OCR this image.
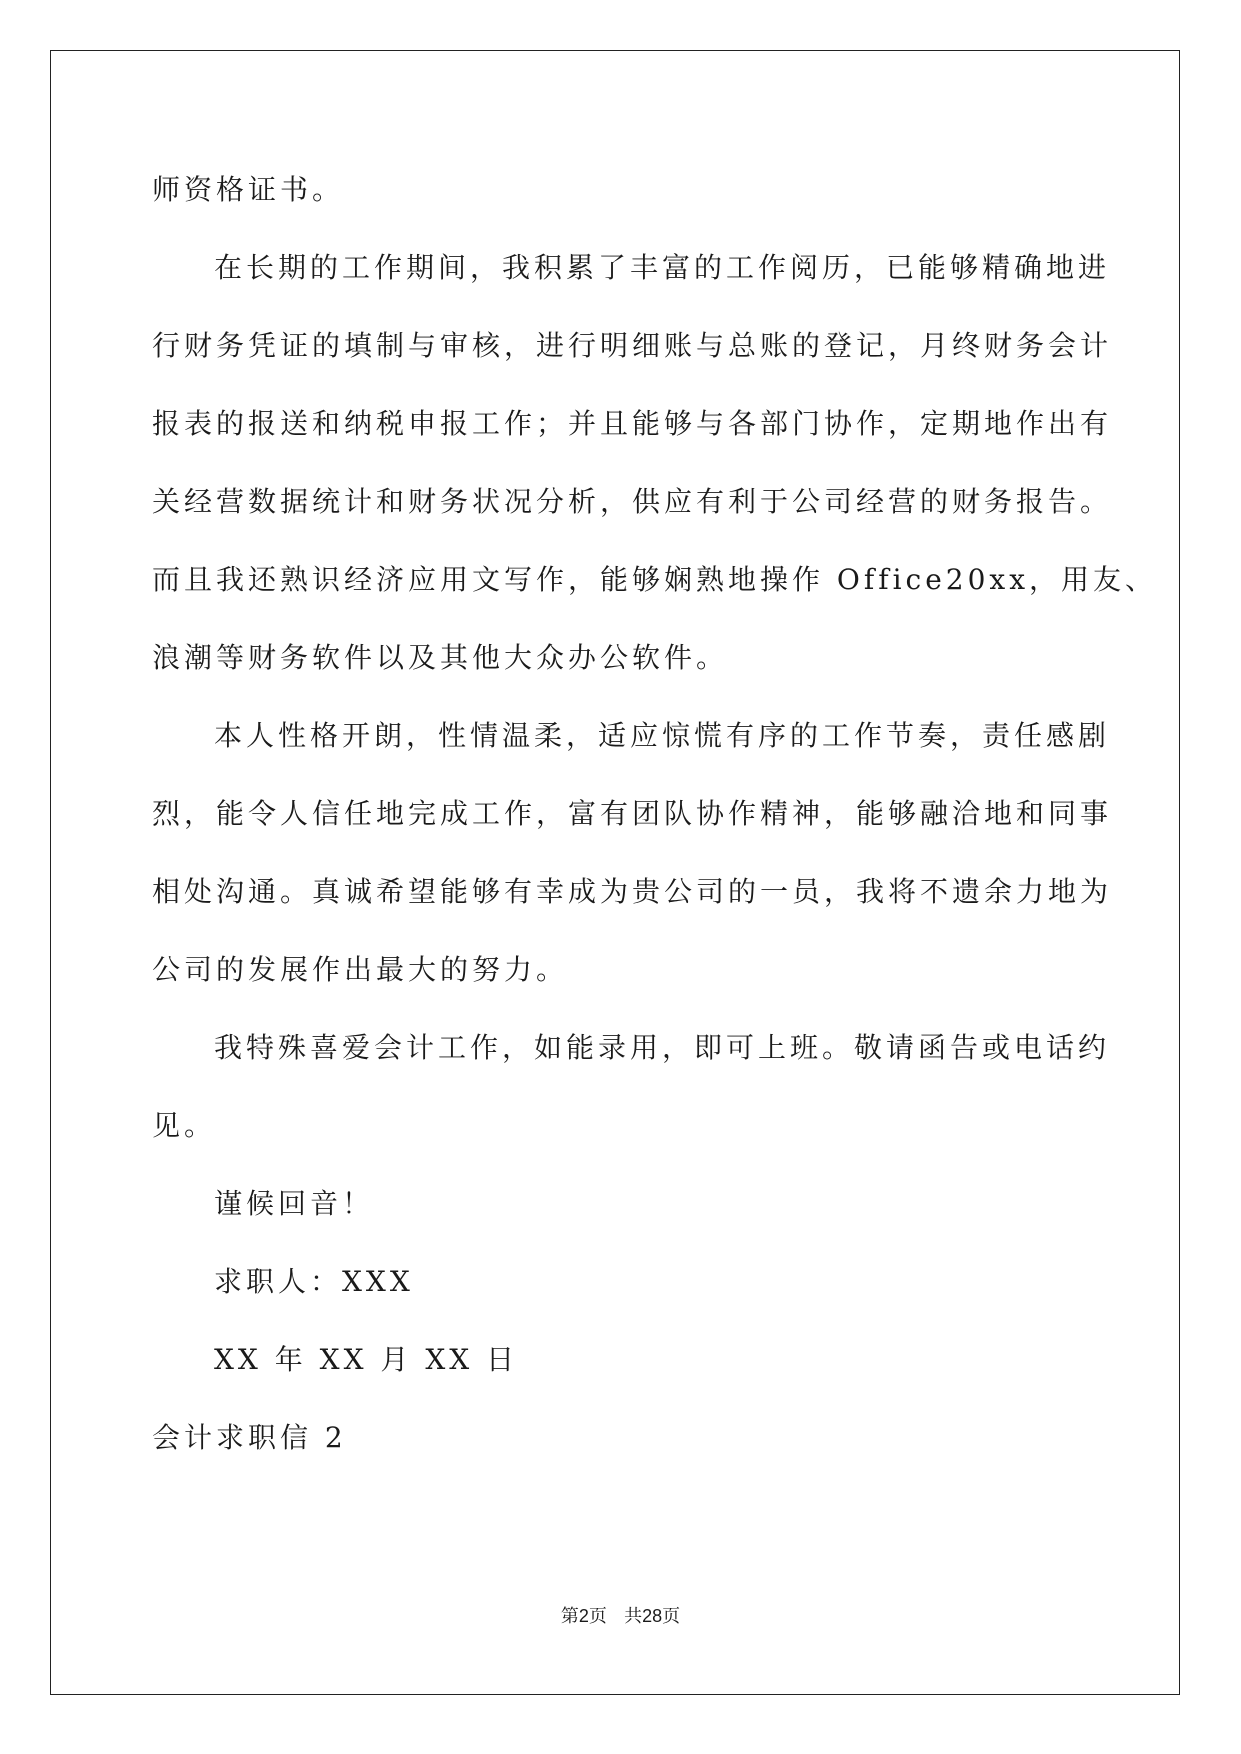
师资格证书。
在长期的工作期间，我积累了丰富的工作阅历，已能够精确地进
行财务凭证的填制与审核，进行明细账与总账的登记，月终财务会计
报表的报送和纳税申报工作；并且能够与各部门协作，定期地作出有
关经营数据统计和财务状况分析，供应有利于公司经营的财务报告。
而且我还熟识经济应用文写作，能够娴熟地操作 Office20xx，用友、
浪潮等财务软件以及其他大众办公软件。
本人性格开朗，性情温柔，适应惊慌有序的工作节奏，责任感剧
烈，能令人信任地完成工作，富有团队协作精神，能够融洽地和同事
相处沟通。真诚希望能够有幸成为贵公司的一员，我将不遗余力地为
公司的发展作出最大的努力。
我特殊喜爱会计工作，如能录用，即可上班。敬请函告或电话约
见。
谨候回音！
求职人：XXX
XX 年 XX 月 XX 日
会计求职信 2
第2页 共28页
